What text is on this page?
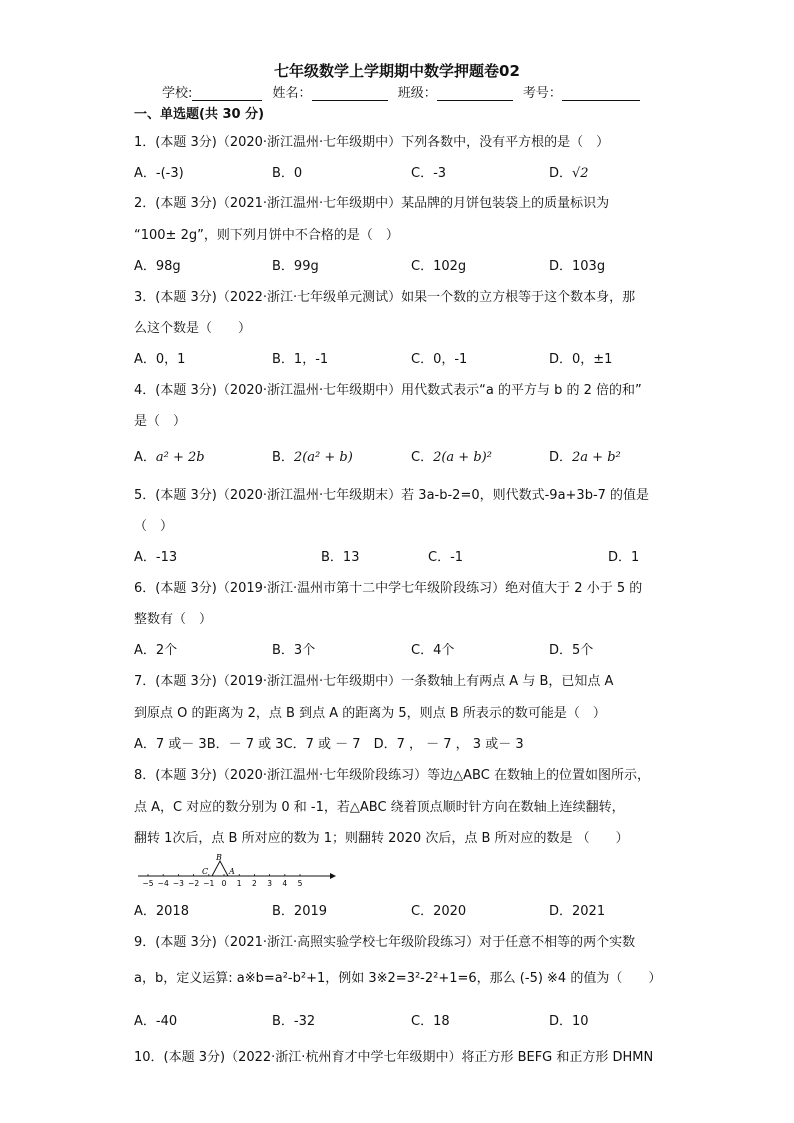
七年级数学上学期期中数学押题卷02
学校:	姓名：	班级：	考号：
一、单选题(共 30 分)
1．(本题 3分)（2020·浙江温州·七年级期中）下列各数中，没有平方根的是（　）
A．-(-3)	B．0	C．-3	D．√2
2．(本题 3分)（2021·浙江温州·七年级期中）某品牌的月饼包装袋上的质量标识为
“100± 2g”，则下列月饼中不合格的是（　）
A．98g	B．99g	C．102g	D．103g
3．(本题 3分)（2022·浙江·七年级单元测试）如果一个数的立方根等于这个数本身，那
么这个数是（　　）
A．0，1	B．1，-1	C．0，-1	D．0，±1
4．(本题 3分)（2020·浙江温州·七年级期中）用代数式表示“a 的平方与 b 的 2 倍的和”
是（　）
A．a² + 2b	B．2(a² + b)	C．2(a + b)²	D．2a + b²
5．(本题 3分)（2020·浙江温州·七年级期末）若 3a-b-2=0，则代数式-9a+3b-7 的值是
（　）
A．-13	B．13	C．-1	D．1
6．(本题 3分)（2019·浙江·温州市第十二中学七年级阶段练习）绝对值大于 2 小于 5 的
整数有（　）
A．2个	B．3个	C．4个	D．5个
7．(本题 3分)（2019·浙江温州·七年级期中）一条数轴上有两点 A 与 B，已知点 A
到原点 O 的距离为 2，点 B 到点 A 的距离为 5，则点 B 所表示的数可能是（　）
A．7 或－ 3B．－ 7 或 3C．7 或 － 7　D．7 ， － 7 ， 3 或－ 3
8．(本题 3分)（2020·浙江温州·七年级阶段练习）等边△ABC 在数轴上的位置如图所示，
点 A，C 对应的数分别为 0 和 -1，若△ABC 绕着顶点顺时针方向在数轴上连续翻转，
翻转 1次后，点 B 所对应的数为 1；则翻转 2020 次后，点 B 所对应的数是 （　　）
B
C	A
−5 −4 −3 −2 −1 0 1 2 3 4 5
A．2018	B．2019	C．2020	D．2021
9．(本题 3分)（2021·浙江·高照实验学校七年级阶段练习）对于任意不相等的两个实数
a，b，定义运算: a※b=a²-b²+1，例如 3※2=3²-2²+1=6，那么 (-5) ※4 的值为（　　）
A．-40	B．-32	C．18	D．10
10．(本题 3分)（2022·浙江·杭州育才中学七年级期中）将正方形 BEFG 和正方形 DHMN
